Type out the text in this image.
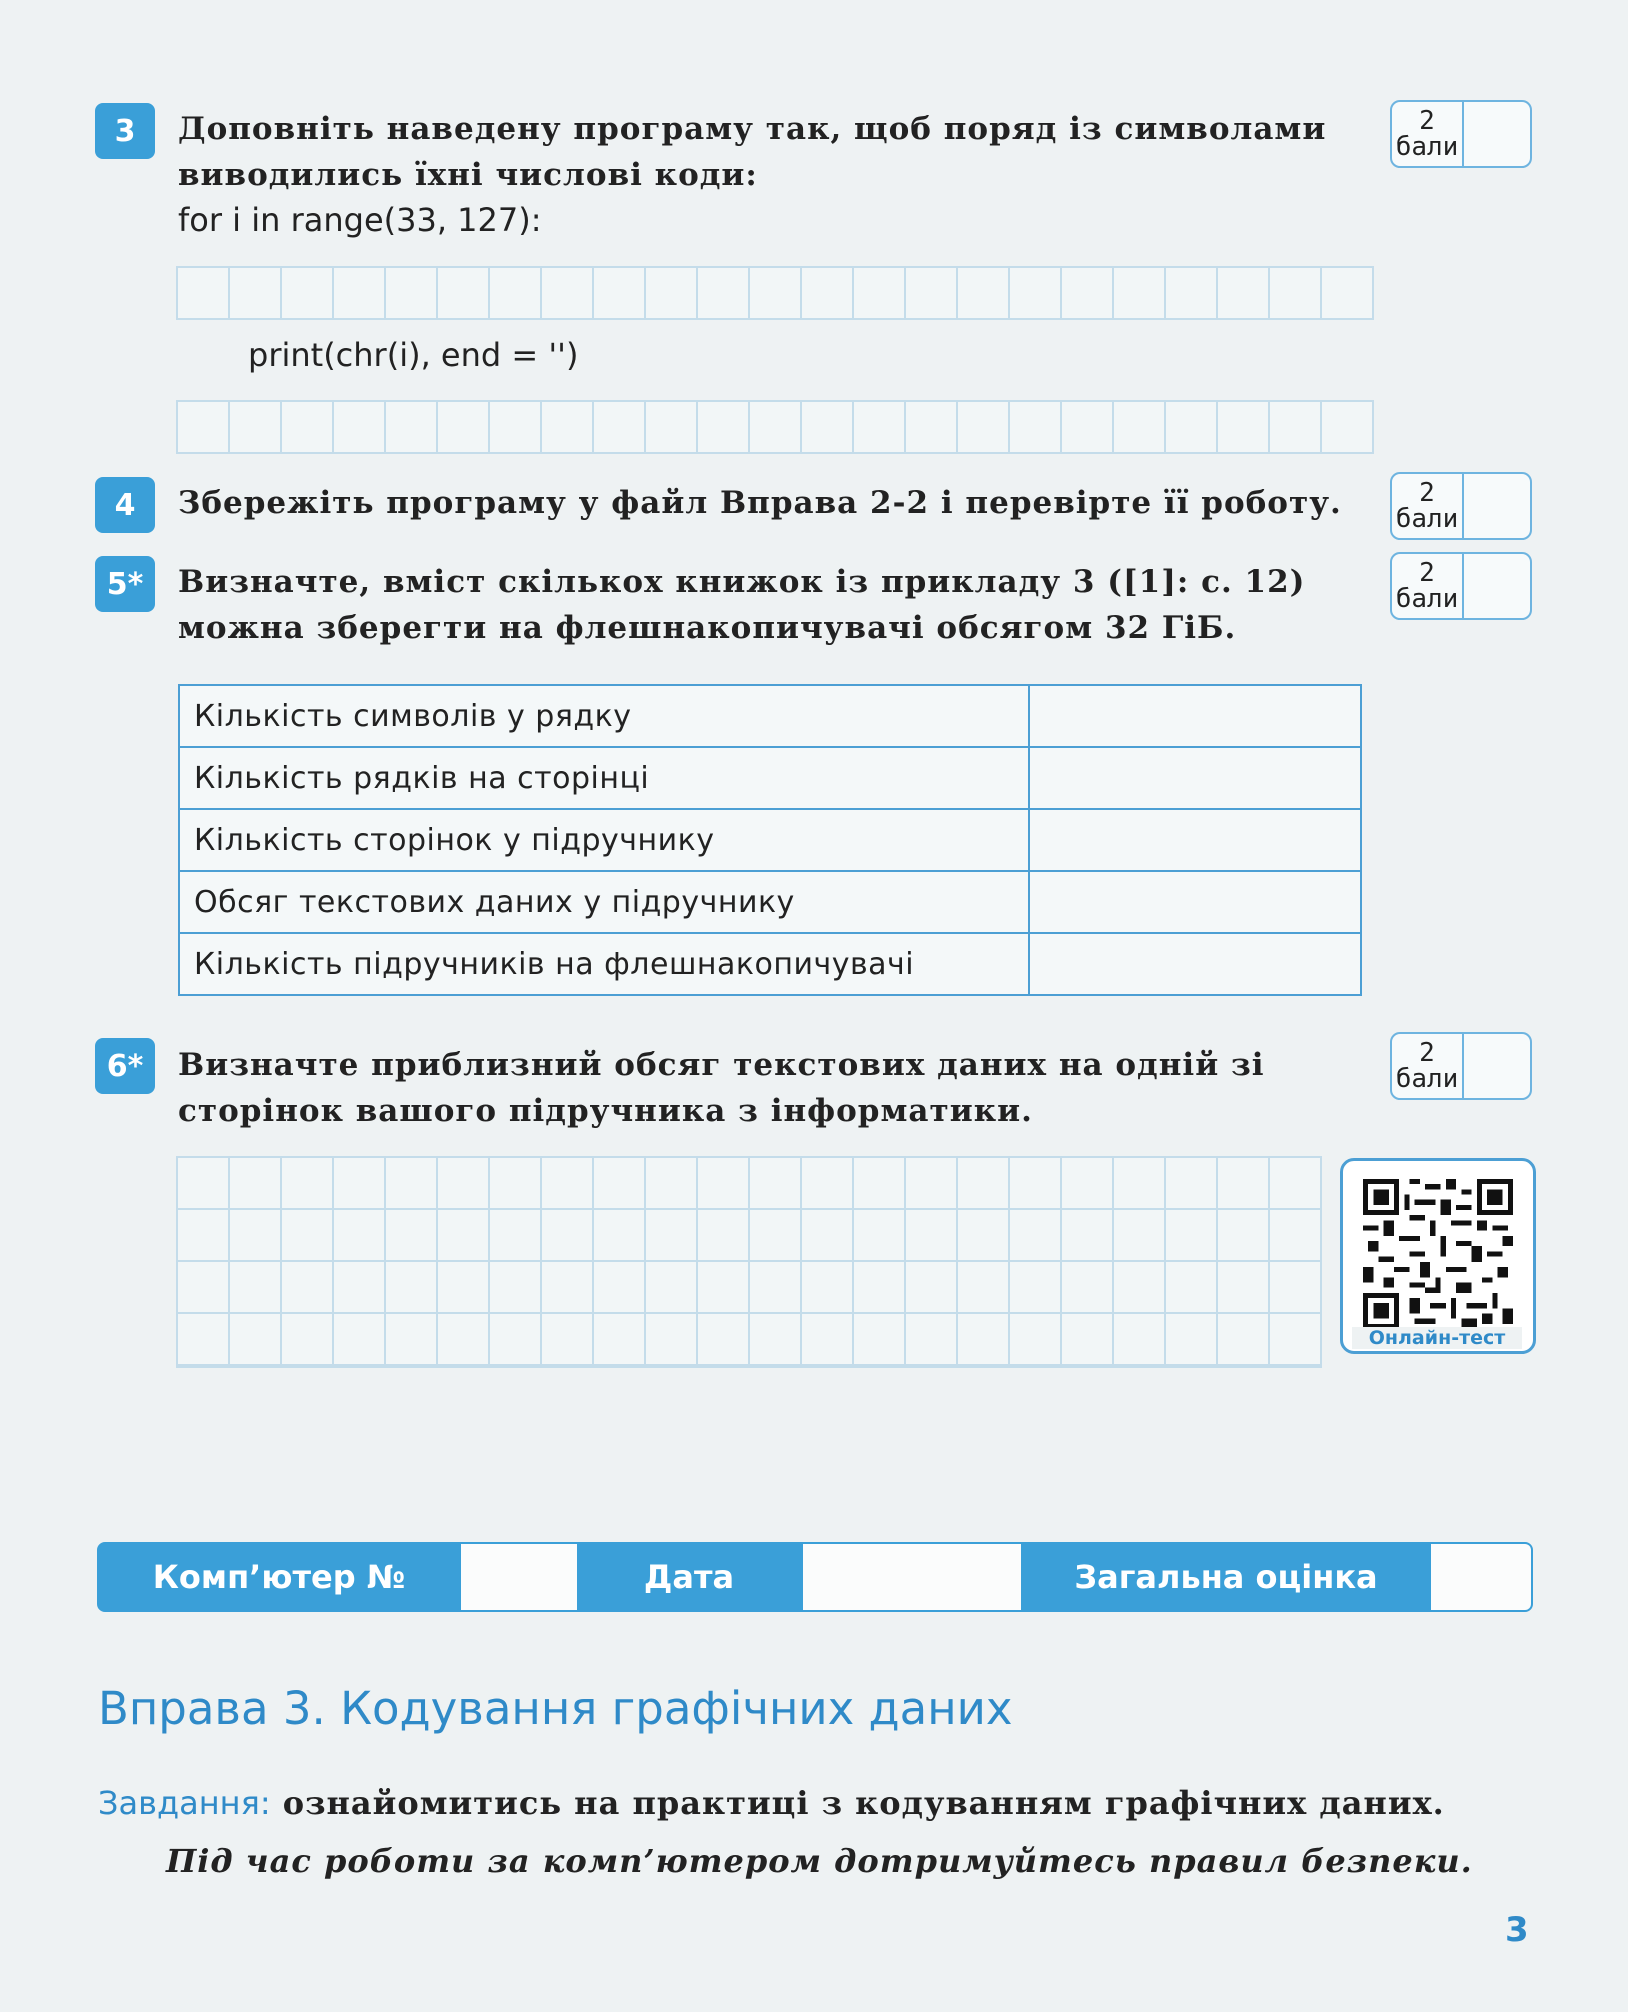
3	Доповніть наведену програму так, щоб поряд із символами
виводились їхні числові коди:
for i in range(33, 127):
print(chr(i), end = '')
2
бали
4	Збережіть програму у файл Вправа 2-2 і перевірте її роботу.	2
бали
5*	Визначте, вміст скількох книжок із прикладу 3 ([1]: с. 12)
можна зберегти на флешнакопичувачі обсягом 32 ГіБ.
2
бали
Кількість символів у рядку	
Кількість рядків на сторінці	
Кількість сторінок у підручнику	
Обсяг текстових даних у підручнику	
Кількість підручників на флешнакопичувачі	
6*	Визначте приблизний обсяг текстових даних на одній зі
сторінок вашого підручника з інформатики.
2
бали
Онлайн-тест
Комп’ютер №	Дата	Загальна оцінка
Вправа 3. Кодування графічних даних
Завдання: ознайомитись на практиці з кодуванням графічних даних.
Під час роботи за комп’ютером дотримуйтесь правил безпеки.
3
